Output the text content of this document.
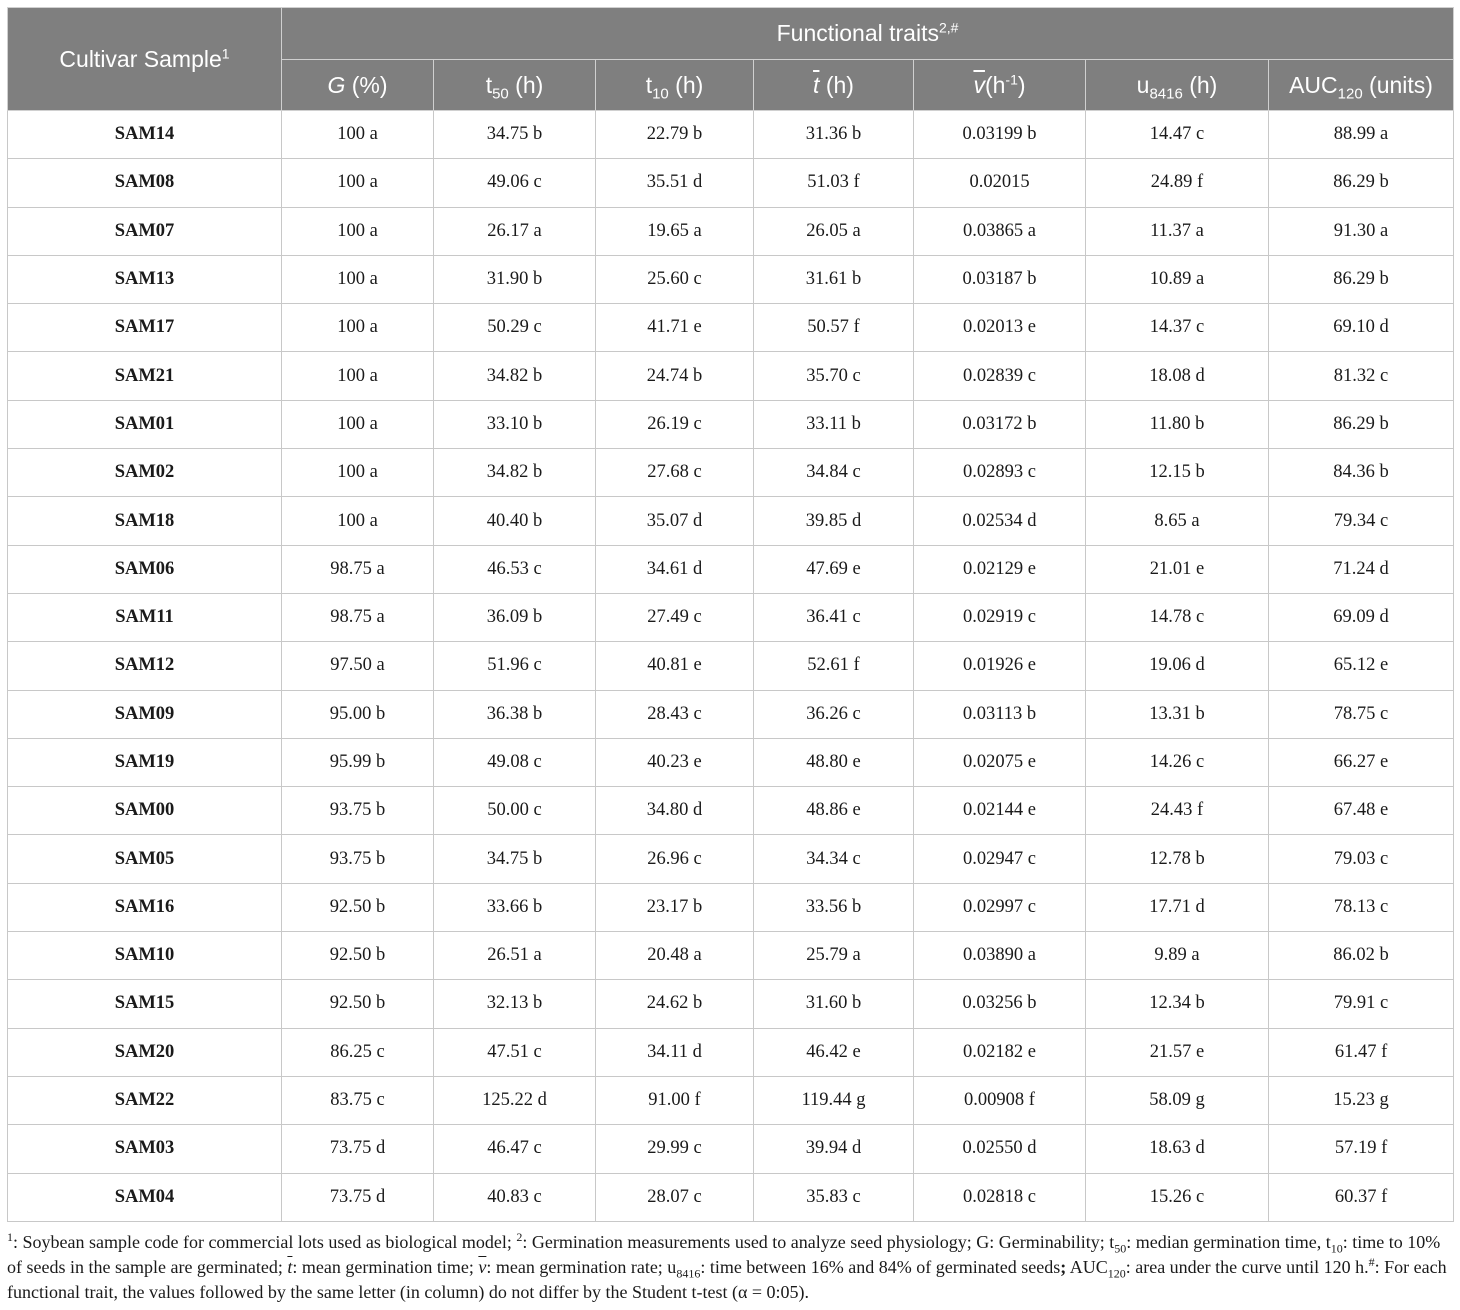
Cultivar Sample$^1$	Functional traits$^{2,\#}$
	G (%)	$t_{50}$ (h)	$t_{10}$ (h)	$\overline{t}$ (h)	$\overline{v}(h^{-1})$	$u_{8416}$ (h)	$AUC_{120}$ (units)
SAM14	100 a	34.75 b	22.79 b	31.36 b	0.03199 b	14.47 c	88.99 a
SAM08	100 a	49.06 c	35.51 d	51.03 f	0.02015	24.89 f	86.29 b
SAM07	100 a	26.17 a	19.65 a	26.05 a	0.03865 a	11.37 a	91.30 a
SAM13	100 a	31.90 b	25.60 c	31.61 b	0.03187 b	10.89 a	86.29 b
SAM17	100 a	50.29 c	41.71 e	50.57 f	0.02013 e	14.37 c	69.10 d
SAM21	100 a	34.82 b	24.74 b	35.70 c	0.02839 c	18.08 d	81.32 c
SAM01	100 a	33.10 b	26.19 c	33.11 b	0.03172 b	11.80 b	86.29 b
SAM02	100 a	34.82 b	27.68 c	34.84 c	0.02893 c	12.15 b	84.36 b
SAM18	100 a	40.40 b	35.07 d	39.85 d	0.02534 d	8.65 a	79.34 c
SAM06	98.75 a	46.53 c	34.61 d	47.69 e	0.02129 e	21.01 e	71.24 d
SAM11	98.75 a	36.09 b	27.49 c	36.41 c	0.02919 c	14.78 c	69.09 d
SAM12	97.50 a	51.96 c	40.81 e	52.61 f	0.01926 e	19.06 d	65.12 e
SAM09	95.00 b	36.38 b	28.43 c	36.26 c	0.03113 b	13.31 b	78.75 c
SAM19	95.99 b	49.08 c	40.23 e	48.80 e	0.02075 e	14.26 c	66.27 e
SAM00	93.75 b	50.00 c	34.80 d	48.86 e	0.02144 e	24.43 f	67.48 e
SAM05	93.75 b	34.75 b	26.96 c	34.34 c	0.02947 c	12.78 b	79.03 c
SAM16	92.50 b	33.66 b	23.17 b	33.56 b	0.02997 c	17.71 d	78.13 c
SAM10	92.50 b	26.51 a	20.48 a	25.79 a	0.03890 a	9.89 a	86.02 b
SAM15	92.50 b	32.13 b	24.62 b	31.60 b	0.03256 b	12.34 b	79.91 c
SAM20	86.25 c	47.51 c	34.11 d	46.42 e	0.02182 e	21.57 e	61.47 f
SAM22	83.75 c	125.22 d	91.00 f	119.44 g	0.00908 f	58.09 g	15.23 g
SAM03	73.75 d	46.47 c	29.99 c	39.94 d	0.02550 d	18.63 d	57.19 f
SAM04	73.75 d	40.83 c	28.07 c	35.83 c	0.02818 c	15.26 c	60.37 f
$^1$: Soybean sample code for commercial lots used as biological model; $^2$: Germination measurements used to analyze seed physiology; G: Germinability; $t_{50}$: median germination time, $t_{10}$: time to 10% of seeds in the sample are germinated; $\overline{t}$: mean germination time; $\overline{v}$: mean germination rate; $u_{8416}$: time between 16% and 84% of germinated seeds; $AUC_{120}$: area under the curve until 120 h.#: For each functional trait, the values followed by the same letter (in column) do not differ by the Student t-test (α = 0:05).
